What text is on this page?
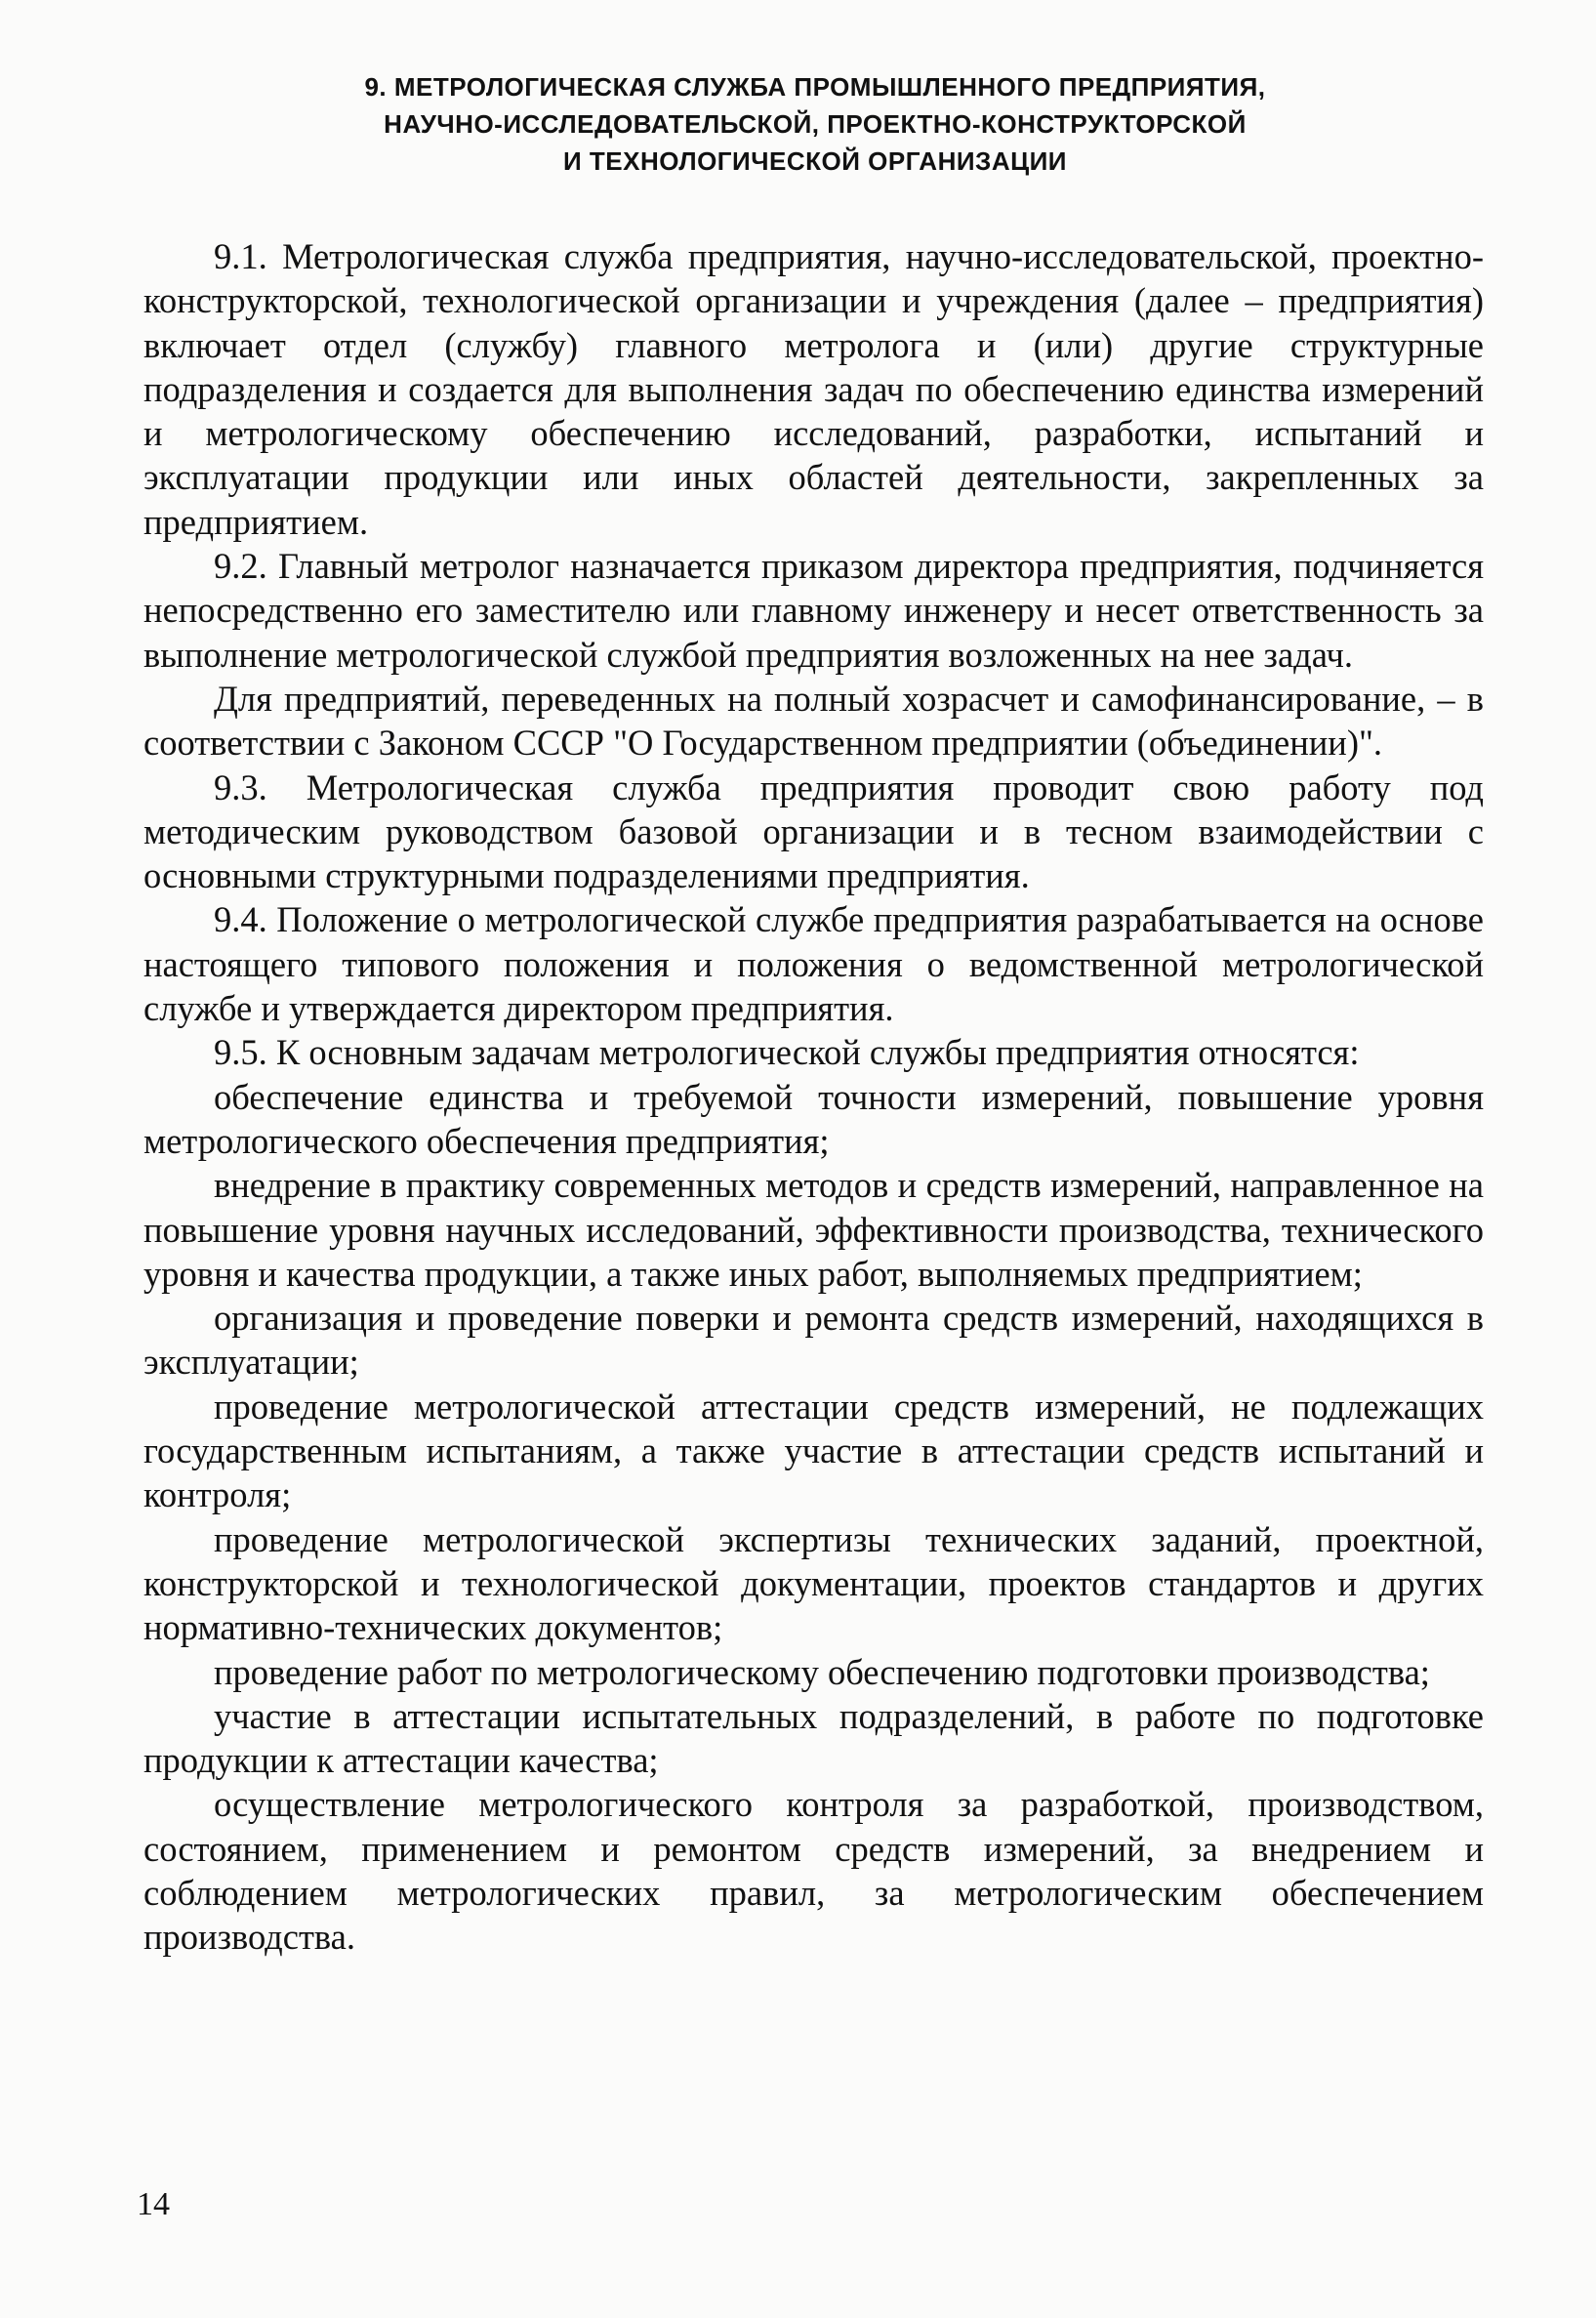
9. МЕТРОЛОГИЧЕСКАЯ СЛУЖБА ПРОМЫШЛЕННОГО ПРЕДПРИЯТИЯ,
НАУЧНО-ИССЛЕДОВАТЕЛЬСКОЙ, ПРОЕКТНО-КОНСТРУКТОРСКОЙ
И ТЕХНОЛОГИЧЕСКОЙ ОРГАНИЗАЦИИ

9.1. Метрологическая служба предприятия, научно-исследовательской, проектно-конструкторской, технологической организации и учреждения (далее – предприятия) включает отдел (службу) главного метролога и (или) другие структурные подразделения и создается для выполнения задач по обеспечению единства измерений и метрологическому обеспечению исследований, разработки, испытаний и эксплуатации продукции или иных областей деятельности, закрепленных за предприятием.

9.2. Главный метролог назначается приказом директора предприятия, подчиняется непосредственно его заместителю или главному инженеру и несет ответственность за выполнение метрологической службой предприятия возложенных на нее задач.

Для предприятий, переведенных на полный хозрасчет и самофинансирование, – в соответствии с Законом СССР "О Государственном предприятии (объединении)".

9.3. Метрологическая служба предприятия проводит свою работу под методическим руководством базовой организации и в тесном взаимодействии с основными структурными подразделениями предприятия.

9.4. Положение о метрологической службе предприятия разрабатывается на основе настоящего типового положения и положения о ведомственной метрологической службе и утверждается директором предприятия.

9.5. К основным задачам метрологической службы предприятия относятся:

обеспечение единства и требуемой точности измерений, повышение уровня метрологического обеспечения предприятия;

внедрение в практику современных методов и средств измерений, направленное на повышение уровня научных исследований, эффективности производства, технического уровня и качества продукции, а также иных работ, выполняемых предприятием;

организация и проведение поверки и ремонта средств измерений, находящихся в эксплуатации;

проведение метрологической аттестации средств измерений, не подлежащих государственным испытаниям, а также участие в аттестации средств испытаний и контроля;

проведение метрологической экспертизы технических заданий, проектной, конструкторской и технологической документации, проектов стандартов и других нормативно-технических документов;

проведение работ по метрологическому обеспечению подготовки производства;

участие в аттестации испытательных подразделений, в работе по подготовке продукции к аттестации качества;

осуществление метрологического контроля за разработкой, производством, состоянием, применением и ремонтом средств измерений, за внедрением и соблюдением метрологических правил, за метрологическим обеспечением производства.

14
